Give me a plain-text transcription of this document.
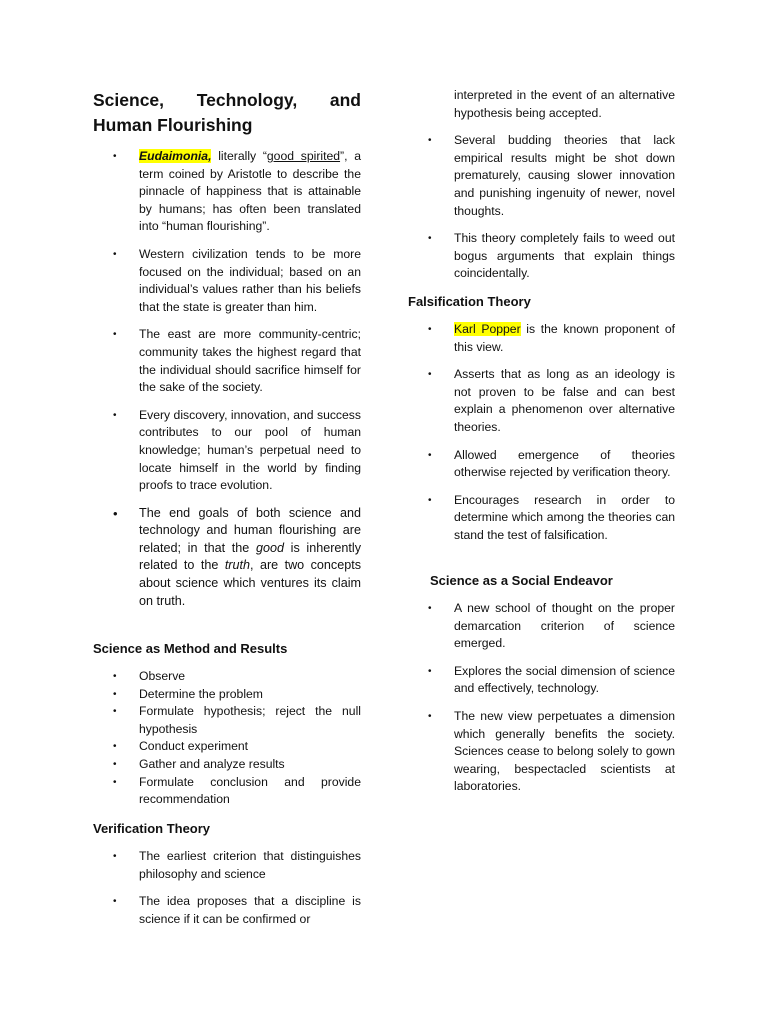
Science, Technology, and
Human Flourishing
• Eudaimonia, literally “good spirited”, a term coined by Aristotle to describe the pinnacle of happiness that is attainable by humans; has often been translated into “human flourishing”.
• Western civilization tends to be more focused on the individual; based on an individual’s values rather than his beliefs that the state is greater than him.
• The east are more community-centric; community takes the highest regard that the individual should sacrifice himself for the sake of the society.
• Every discovery, innovation, and success contributes to our pool of human knowledge; human’s perpetual need to locate himself in the world by finding proofs to trace evolution.
• The end goals of both science and technology and human flourishing are related; in that the good is inherently related to the truth, are two concepts about science which ventures its claim on truth.
Science as Method and Results
• Observe
• Determine the problem
• Formulate hypothesis; reject the null hypothesis
• Conduct experiment
• Gather and analyze results
• Formulate conclusion and provide recommendation
Verification Theory
• The earliest criterion that distinguishes philosophy and science
• The idea proposes that a discipline is science if it can be confirmed or
interpreted in the event of an alternative hypothesis being accepted.
• Several budding theories that lack empirical results might be shot down prematurely, causing slower innovation and punishing ingenuity of newer, novel thoughts.
• This theory completely fails to weed out bogus arguments that explain things coincidentally.
Falsification Theory
• Karl Popper is the known proponent of this view.
• Asserts that as long as an ideology is not proven to be false and can best explain a phenomenon over alternative theories.
• Allowed emergence of theories otherwise rejected by verification theory.
• Encourages research in order to determine which among the theories can stand the test of falsification.
Science as a Social Endeavor
• A new school of thought on the proper demarcation criterion of science emerged.
• Explores the social dimension of science and effectively, technology.
• The new view perpetuates a dimension which generally benefits the society. Sciences cease to belong solely to gown wearing, bespectacled scientists at laboratories.
